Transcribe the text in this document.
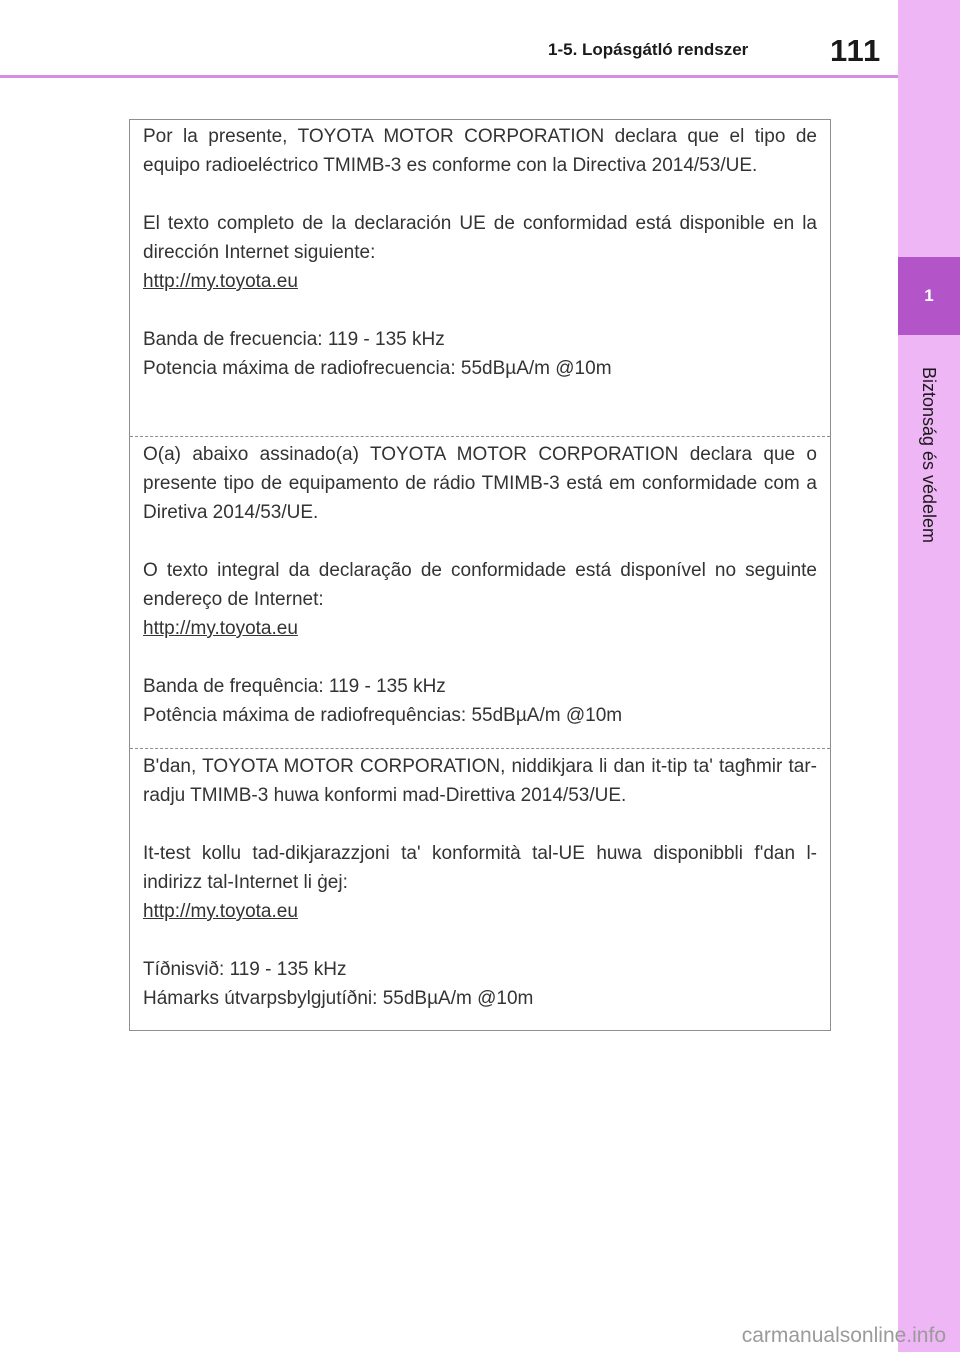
1-5. Lopásgátló rendszer	111
1
Biztonság és védelem

Por la presente, TOYOTA MOTOR CORPORATION declara que el tipo de equipo radioeléctrico TMIMB-3 es conforme con la Directiva 2014/53/UE.

El texto completo de la declaración UE de conformidad está disponible en la dirección Internet siguiente:

http://my.toyota.eu

Banda de frecuencia: 119 - 135 kHz

Potencia máxima de radiofrecuencia: 55dBµA/m @10m

O(a) abaixo assinado(a) TOYOTA MOTOR CORPORATION declara que o presente tipo de equipamento de rádio TMIMB-3 está em conformidade com a Diretiva 2014/53/UE.

O texto integral da declaração de conformidade está disponível no seguinte endereço de Internet:

http://my.toyota.eu

Banda de frequência: 119 - 135 kHz

Potência máxima de radiofrequências: 55dBµA/m @10m

B'dan, TOYOTA MOTOR CORPORATION, niddikjara li dan it-tip ta' tagħmir tar-radju TMIMB-3 huwa konformi mad-Direttiva 2014/53/UE.

It-test kollu tad-dikjarazzjoni ta' konformità tal-UE huwa disponibbli f'dan l-indirizz tal-Internet li ġej:

http://my.toyota.eu

Tíðnisvið: 119 - 135 kHz

Hámarks útvarpsbylgjutíðni: 55dBµA/m @10m

carmanualsonline.info
